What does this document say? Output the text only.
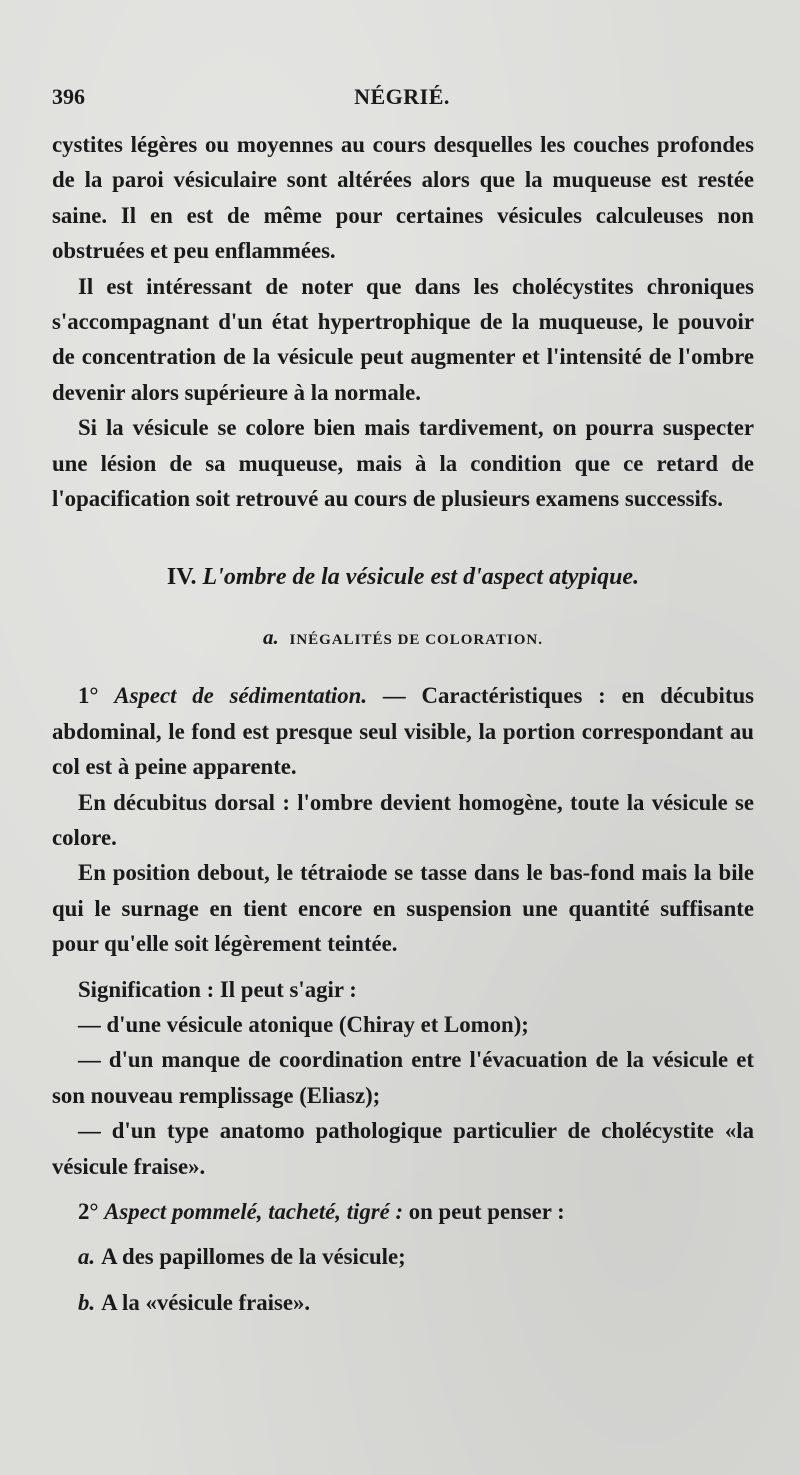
396	NÉGRIÉ.

cystites légères ou moyennes au cours desquelles les couches profondes de la paroi vésiculaire sont altérées alors que la muqueuse est restée saine. Il en est de même pour certaines vésicules calculeuses non obstruées et peu enflammées.

Il est intéressant de noter que dans les cholécystites chroniques s'accompagnant d'un état hypertrophique de la muqueuse, le pouvoir de concentration de la vésicule peut augmenter et l'intensité de l'ombre devenir alors supérieure à la normale.

Si la vésicule se colore bien mais tardivement, on pourra suspecter une lésion de sa muqueuse, mais à la condition que ce retard de l'opacification soit retrouvé au cours de plusieurs examens successifs.

IV. L'ombre de la vésicule est d'aspect atypique.
a. INÉGALITÉS DE COLORATION.

1° Aspect de sédimentation. — Caractéristiques : en décubitus abdominal, le fond est presque seul visible, la portion correspondant au col est à peine apparente.

En décubitus dorsal : l'ombre devient homogène, toute la vésicule se colore.

En position debout, le tétraiode se tasse dans le bas-fond mais la bile qui le surnage en tient encore en suspension une quantité suffisante pour qu'elle soit légèrement teintée.

Signification : Il peut s'agir :

— d'une vésicule atonique (Chiray et Lomon);

— d'un manque de coordination entre l'évacuation de la vésicule et son nouveau remplissage (Eliasz);

— d'un type anatomo pathologique particulier de cholécystite «la vésicule fraise».

2° Aspect pommelé, tacheté, tigré : on peut penser :

a. A des papillomes de la vésicule;

b. A la «vésicule fraise».
